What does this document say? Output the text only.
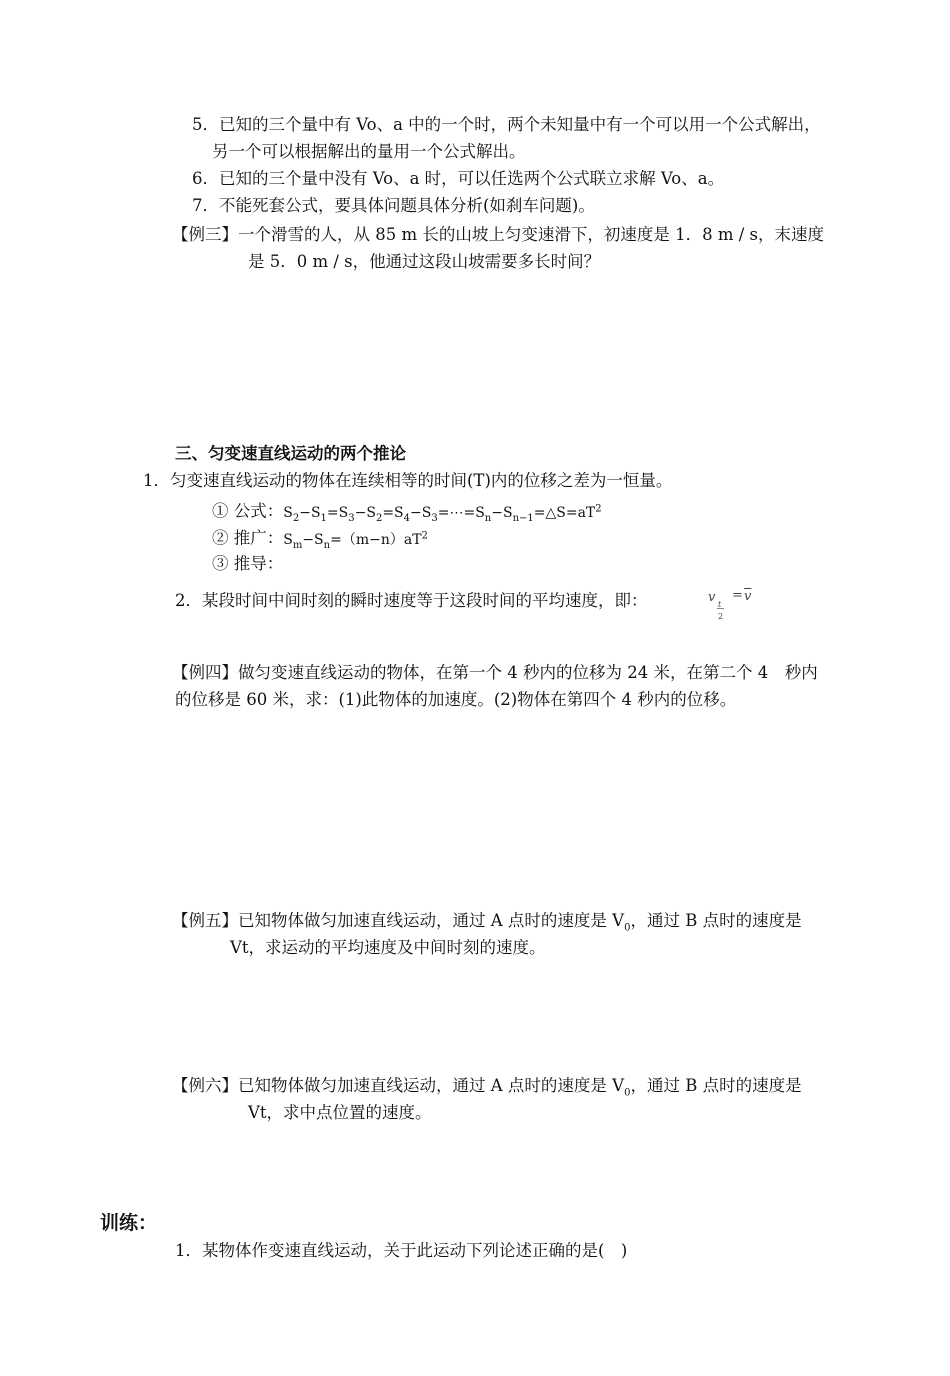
5．已知的三个量中有 Vo、a 中的一个时，两个未知量中有一个可以用一个公式解出，
另一个可以根据解出的量用一个公式解出。
6．已知的三个量中没有 Vo、a 时，可以任选两个公式联立求解 Vo、a。
7．不能死套公式，要具体问题具体分析(如刹车问题)。
【例三】一个滑雪的人，从 85 m 长的山坡上匀变速滑下，初速度是 1．8 m / s，末速度
是 5．0 m / s，他通过这段山坡需要多长时间？
三、匀变速直线运动的两个推论
1．匀变速直线运动的物体在连续相等的时间(T)内的位移之差为一恒量。
① 公式：$S_2-S_1=S_3-S_2=S_4-S_3=\cdots=S_n-S_{n-1}=\triangle S=aT^2$
② 推广：$S_m-S_n=(m-n)aT^2$
③ 推导：
2．某段时间中间时刻的瞬时速度等于这段时间的平均速度，即：	v t
2
= $\overline{v}$
【例四】做匀变速直线运动的物体，在第一个 4 秒内的位移为 24 米，在第二个 4　秒内
的位移是 60 米，求：(1)此物体的加速度。(2)物体在第四个 4 秒内的位移。
【例五】已知物体做匀加速直线运动，通过 A 点时的速度是 $V_0$，通过 B 点时的速度是
Vt，求运动的平均速度及中间时刻的速度。
【例六】已知物体做匀加速直线运动，通过 A 点时的速度是 $V_0$，通过 B 点时的速度是
Vt，求中点位置的速度。
训练：
1．某物体作变速直线运动，关于此运动下列论述正确的是(　)
